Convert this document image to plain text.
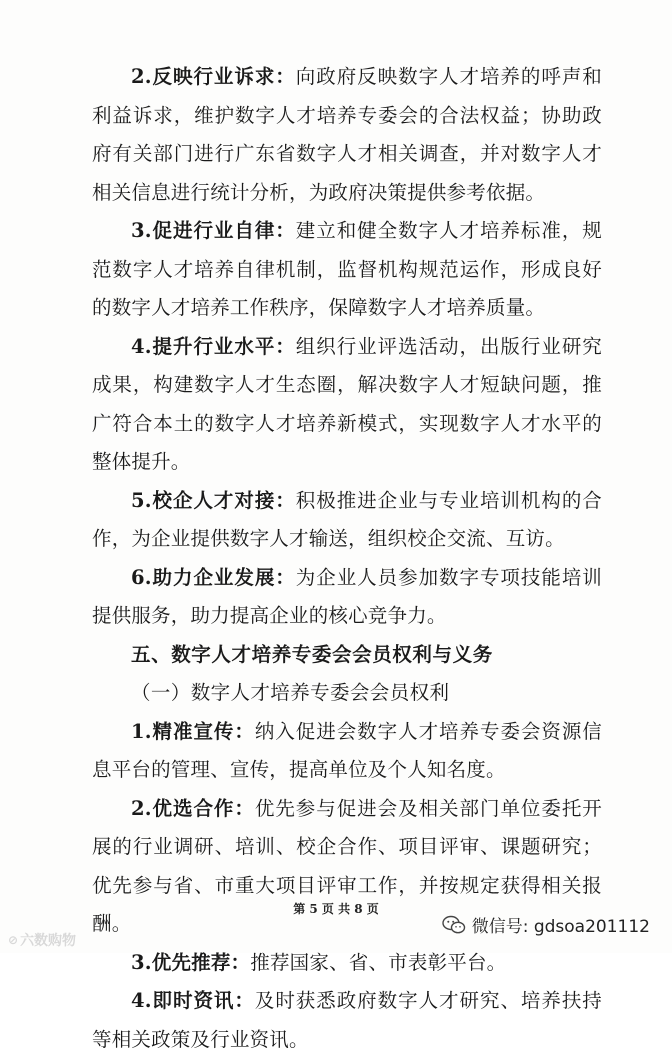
2.反映行业诉求：向政府反映数字人才培养的呼声和利益诉求，维护数字人才培养专委会的合法权益；协助政府有关部门进行广东省数字人才相关调查，并对数字人才相关信息进行统计分析，为政府决策提供参考依据。

3.促进行业自律：建立和健全数字人才培养标准，规范数字人才培养自律机制，监督机构规范运作，形成良好的数字人才培养工作秩序，保障数字人才培养质量。

4.提升行业水平：组织行业评选活动，出版行业研究成果，构建数字人才生态圈，解决数字人才短缺问题，推广符合本土的数字人才培养新模式，实现数字人才水平的整体提升。

5.校企人才对接：积极推进企业与专业培训机构的合作，为企业提供数字人才输送，组织校企交流、互访。

6.助力企业发展：为企业人员参加数字专项技能培训提供服务，助力提高企业的核心竞争力。

五、数字人才培养专委会会员权利与义务

（一）数字人才培养专委会会员权利

1.精准宣传：纳入促进会数字人才培养专委会资源信息平台的管理、宣传，提高单位及个人知名度。

2.优选合作：优先参与促进会及相关部门单位委托开展的行业调研、培训、校企合作、项目评审、课题研究；优先参与省、市重大项目评审工作，并按规定获得相关报酬。

3.优先推荐：推荐国家、省、市表彰平台。

4.即时资讯：及时获悉政府数字人才研究、培养扶持等相关政策及行业资讯。

第 5 页 共 8 页
微信号: gdsoa201112
⊘ 六数购物
